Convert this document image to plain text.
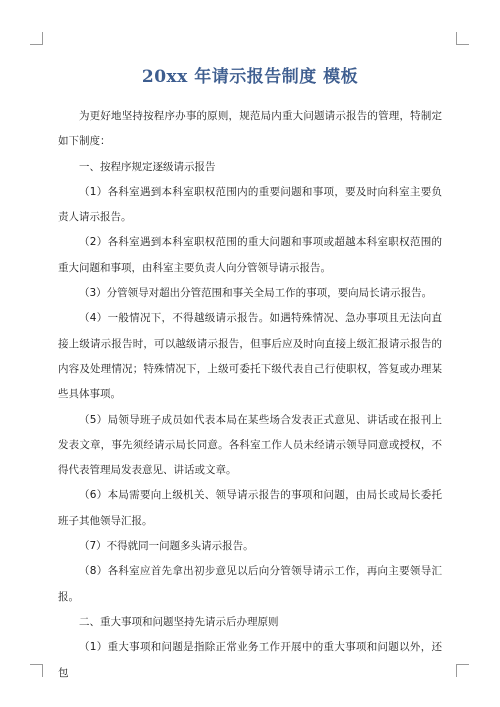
20xx 年请示报告制度 模板

为更好地坚持按程序办事的原则，规范局内重大问题请示报告的管理，特制定如下制度：

一、按程序规定逐级请示报告

（1）各科室遇到本科室职权范围内的重要问题和事项，要及时向科室主要负责人请示报告。

（2）各科室遇到本科室职权范围的重大问题和事项或超越本科室职权范围的重大问题和事项，由科室主要负责人向分管领导请示报告。

（3）分管领导对超出分管范围和事关全局工作的事项，要向局长请示报告。

（4）一般情况下，不得越级请示报告。如遇特殊情况、急办事项且无法向直接上级请示报告时，可以越级请示报告，但事后应及时向直接上级汇报请示报告的内容及处理情况；特殊情况下，上级可委托下级代表自己行使职权，答复或办理某些具体事项。

（5）局领导班子成员如代表本局在某些场合发表正式意见、讲话或在报刊上发表文章，事先须经请示局长同意。各科室工作人员未经请示领导同意或授权，不得代表管理局发表意见、讲话或文章。

（6）本局需要向上级机关、领导请示报告的事项和问题，由局长或局长委托班子其他领导汇报。

（7）不得就同一问题多头请示报告。

（8）各科室应首先拿出初步意见以后向分管领导请示工作，再向主要领导汇报。

二、重大事项和问题坚持先请示后办理原则

（1）重大事项和问题是指除正常业务工作开展中的重大事项和问题以外，还包
